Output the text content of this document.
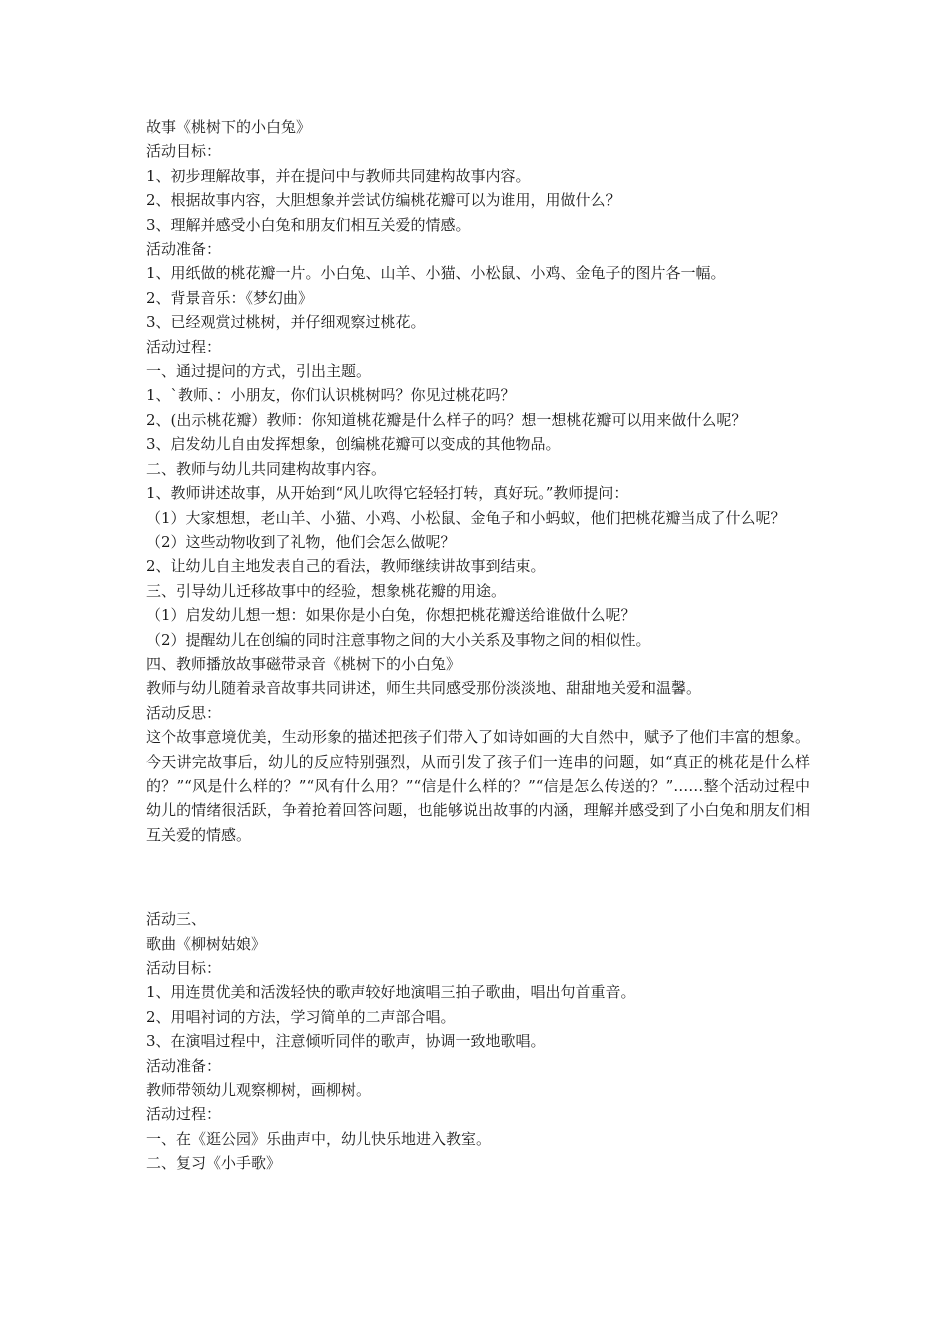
故事《桃树下的小白兔》

活动目标：

1、初步理解故事，并在提问中与教师共同建构故事内容。

2、根据故事内容，大胆想象并尝试仿编桃花瓣可以为谁用，用做什么？

3、理解并感受小白兔和朋友们相互关爱的情感。

活动准备：

1、用纸做的桃花瓣一片。小白兔、山羊、小猫、小松鼠、小鸡、金龟子的图片各一幅。

2、背景音乐：《梦幻曲》

3、已经观赏过桃树，并仔细观察过桃花。

活动过程：

一、通过提问的方式，引出主题。

1、`教师、：小朋友，你们认识桃树吗？你见过桃花吗？

2、(出示桃花瓣）教师：你知道桃花瓣是什么样子的吗？想一想桃花瓣可以用来做什么呢？

3、启发幼儿自由发挥想象，创编桃花瓣可以变成的其他物品。

二、教师与幼儿共同建构故事内容。

1、教师讲述故事，从开始到“风儿吹得它轻轻打转，真好玩。”教师提问：

（1）大家想想，老山羊、小猫、小鸡、小松鼠、金龟子和小蚂蚁，他们把桃花瓣当成了什么呢？

（2）这些动物收到了礼物，他们会怎么做呢？

2、让幼儿自主地发表自己的看法，教师继续讲故事到结束。

三、引导幼儿迁移故事中的经验，想象桃花瓣的用途。

（1）启发幼儿想一想：如果你是小白兔，你想把桃花瓣送给谁做什么呢？

（2）提醒幼儿在创编的同时注意事物之间的大小关系及事物之间的相似性。

四、教师播放故事磁带录音《桃树下的小白兔》

教师与幼儿随着录音故事共同讲述，师生共同感受那份淡淡地、甜甜地关爱和温馨。

活动反思：

这个故事意境优美，生动形象的描述把孩子们带入了如诗如画的大自然中，赋予了他们丰富的想象。今天讲完故事后，幼儿的反应特别强烈，从而引发了孩子们一连串的问题，如“真正的桃花是什么样的？”“风是什么样的？”“风有什么用？”“信是什么样的？”“信是怎么传送的？”……整个活动过程中幼儿的情绪很活跃，争着抢着回答问题，也能够说出故事的内涵，理解并感受到了小白兔和朋友们相互关爱的情感。

活动三、

歌曲《柳树姑娘》

活动目标：

1、用连贯优美和活泼轻快的歌声较好地演唱三拍子歌曲，唱出句首重音。

2、用唱衬词的方法，学习简单的二声部合唱。

3、在演唱过程中，注意倾听同伴的歌声，协调一致地歌唱。

活动准备：

教师带领幼儿观察柳树，画柳树。

活动过程：

一、在《逛公园》乐曲声中，幼儿快乐地进入教室。

二、复习《小手歌》
